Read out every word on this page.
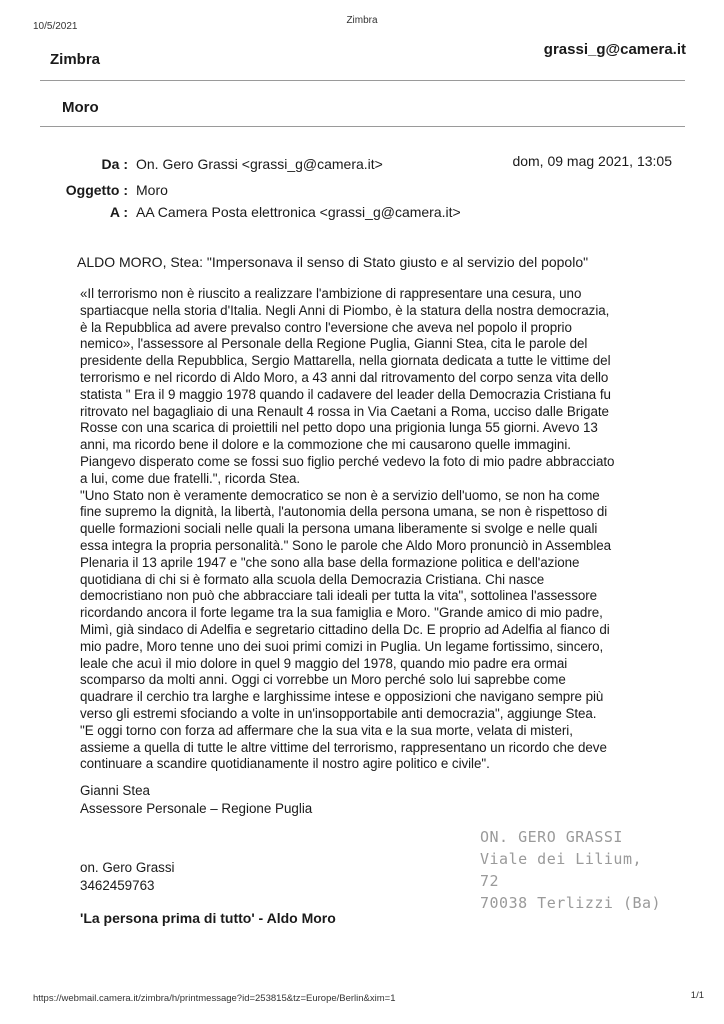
10/5/2021
Zimbra
Zimbra
grassi_g@camera.it
Moro
Da : On. Gero Grassi <grassi_g@camera.it>	dom, 09 mag 2021, 13:05
Oggetto : Moro
A : AA Camera Posta elettronica <grassi_g@camera.it>
ALDO MORO, Stea: "Impersonava il senso di Stato giusto e al servizio del popolo"
«Il terrorismo non è riuscito a realizzare l'ambizione di rappresentare una cesura, uno
spartiacque nella storia d'Italia. Negli Anni di Piombo, è la statura della nostra democrazia,
è la Repubblica ad avere prevalso contro l'eversione che aveva nel popolo il proprio
nemico», l'assessore al Personale della Regione Puglia, Gianni Stea, cita le parole del
presidente della Repubblica, Sergio Mattarella, nella giornata dedicata a tutte le vittime del
terrorismo e nel ricordo di Aldo Moro, a 43 anni dal ritrovamento del corpo senza vita dello
statista " Era il 9 maggio 1978 quando il cadavere del leader della Democrazia Cristiana fu
ritrovato nel bagagliaio di una Renault 4 rossa in Via Caetani a Roma, ucciso dalle Brigate
Rosse con una scarica di proiettili nel petto dopo una prigionia lunga 55 giorni. Avevo 13
anni, ma ricordo bene il dolore e la commozione che mi causarono quelle immagini.
Piangevo disperato come se fossi suo figlio perché vedevo la foto di mio padre abbracciato
a lui, come due fratelli.", ricorda Stea.
"Uno Stato non è veramente democratico se non è a servizio dell'uomo, se non ha come
fine supremo la dignità, la libertà, l'autonomia della persona umana, se non è rispettoso di
quelle formazioni sociali nelle quali la persona umana liberamente si svolge e nelle quali
essa integra la propria personalità." Sono le parole che Aldo Moro pronunciò in Assemblea
Plenaria il 13 aprile 1947 e "che sono alla base della formazione politica e dell'azione
quotidiana di chi si è formato alla scuola della Democrazia Cristiana. Chi nasce
democristiano non può che abbracciare tali ideali per tutta la vita", sottolinea l'assessore
ricordando ancora il forte legame tra la sua famiglia e Moro. "Grande amico di mio padre,
Mimì, già sindaco di Adelfia e segretario cittadino della Dc. E proprio ad Adelfia al fianco di
mio padre, Moro tenne uno dei suoi primi comizi in Puglia. Un legame fortissimo, sincero,
leale che acuì il mio dolore in quel 9 maggio del 1978, quando mio padre era ormai
scomparso da molti anni. Oggi ci vorrebbe un Moro perché solo lui saprebbe come
quadrare il cerchio tra larghe e larghissime intese e opposizioni che navigano sempre più
verso gli estremi sfociando a volte in un'insopportabile anti democrazia", aggiunge Stea.
"E oggi torno con forza ad affermare che la sua vita e la sua morte, velata di misteri,
assieme a quella di tutte le altre vittime del terrorismo, rappresentano un ricordo che deve
continuare a scandire quotidianamente il nostro agire politico e civile".
Gianni Stea
Assessore Personale – Regione Puglia
on. Gero Grassi
3462459763
'La persona prima di tutto' - Aldo Moro
ON. GERO GRASSI
Viale dei Lilium, 72
70038 Terlizzi (Ba)
https://webmail.camera.it/zimbra/h/printmessage?id=253815&tz=Europe/Berlin&xim=1	1/1
